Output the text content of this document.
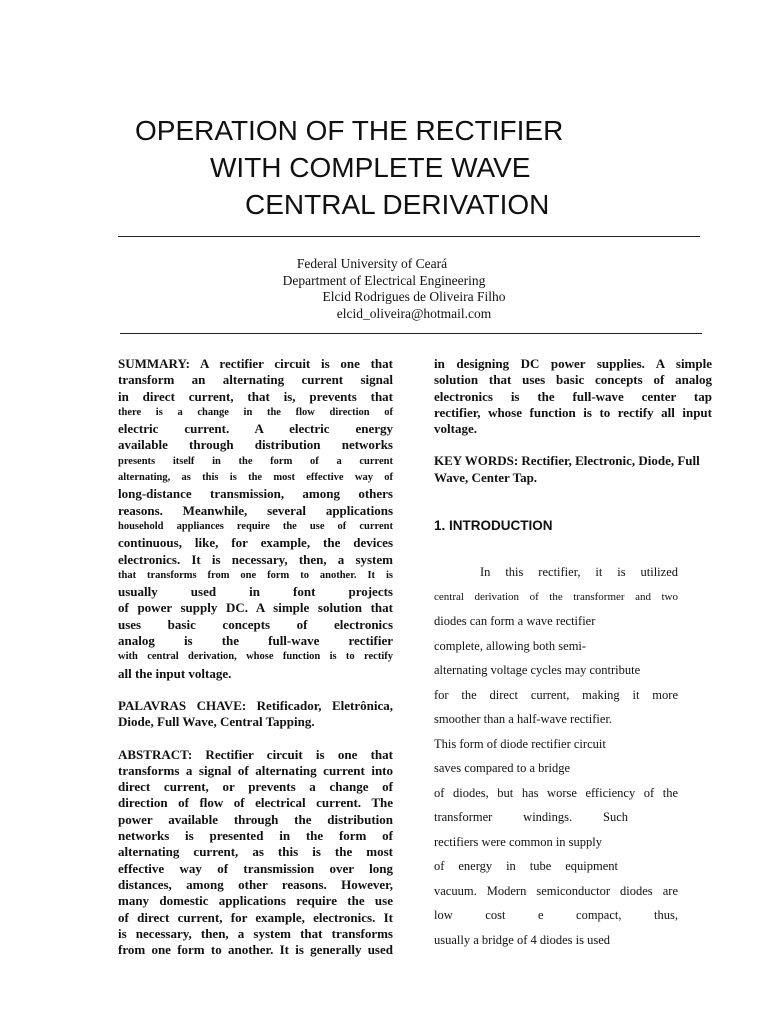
OPERATION OF THE RECTIFIER
WITH COMPLETE WAVE
CENTRAL DERIVATION
Federal University of Ceará
Department of Electrical Engineering
Elcid Rodrigues de Oliveira Filho
elcid_oliveira@hotmail.com

SUMMARY: A rectifier circuit is one that

transform an alternating current signal

in direct current, that is, prevents that

there is a change in the flow direction of

electric current. A electric energy

available through distribution networks

presents itself in the form of a current

alternating, as this is the most effective way of

long-distance transmission, among others

reasons. Meanwhile, several applications

household appliances require the use of current

continuous, like, for example, the devices

electronics. It is necessary, then, a system

that transforms from one form to another. It is

usually used in font projects

of power supply DC. A simple solution that

uses basic concepts of electronics

analog is the full-wave rectifier

with central derivation, whose function is to rectify

all the input voltage.

PALAVRAS CHAVE: Retificador, Eletrônica, Diode, Full Wave, Central Tapping.

ABSTRACT: Rectifier circuit is one that

transforms a signal of alternating current into

direct current, or prevents a change of

direction of flow of electrical current. The

power available through the distribution

networks is presented in the form of

alternating current, as this is the most

effective way of transmission over long

distances, among other reasons. However,

many domestic applications require the use

of direct current, for example, electronics. It

is necessary, then, a system that transforms

from one form to another. It is generally used

in designing DC power supplies. A simple

solution that uses basic concepts of analog

electronics is the full-wave center tap

rectifier, whose function is to rectify all input

voltage.

KEY WORDS: Rectifier, Electronic, Diode, Full Wave, Center Tap.

1. INTRODUCTION
In this rectifier, it is utilized
central derivation of the transformer and two
diodes can form a wave rectifier
complete, allowing both semi-
alternating voltage cycles may contribute
for the direct current, making it more
smoother than a half-wave rectifier.
This form of diode rectifier circuit
saves compared to a bridge
of diodes, but has worse efficiency of the
transformer windings. Such
rectifiers were common in supply
of energy in tube equipment
vacuum. Modern semiconductor diodes are
low cost e compact, thus,
usually a bridge of 4 diodes is used
